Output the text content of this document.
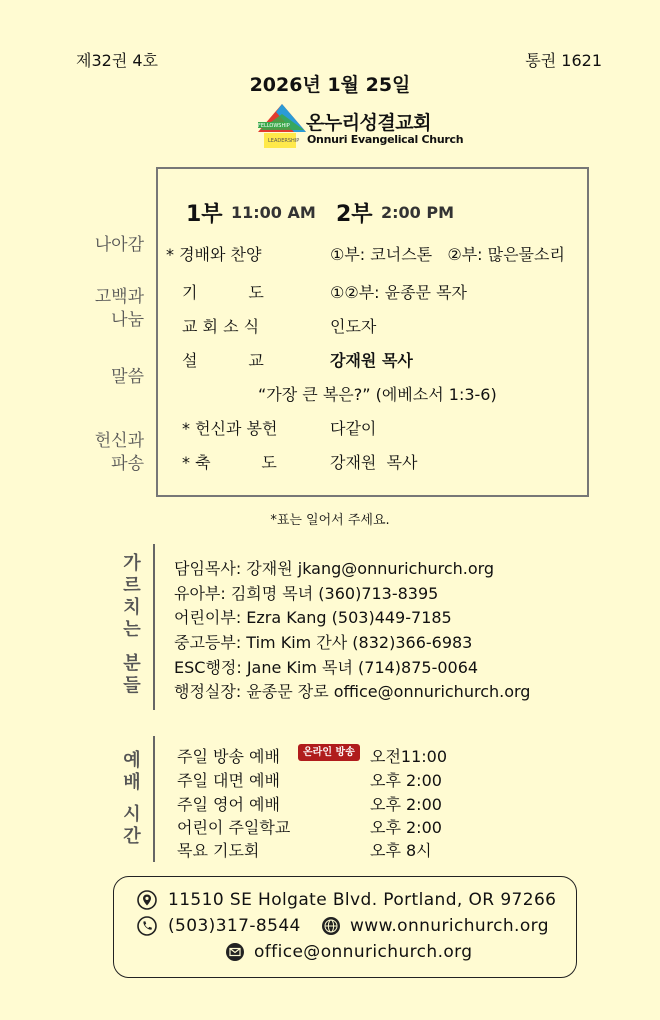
제32권 4호	통권 1621
2026년 1월 25일
FELLOWSHIP
LEADERSHIP
온누리성결교회
Onnuri Evangelical Church
1부 11:00 AM 2부 2:00 PM
나아감
고백과
나눔
말씀
헌신과
파송
* 경배와 찬양	①부: 코너스톤   ②부: 많은물소리
기          도	①②부: 윤종문 목자
교 회 소 식	인도자
설          교	강재원 목사
“가장 큰 복은?” (에베소서 1:3-6)
* 헌신과 봉헌	다같이
* 축          도	강재원  목사
*표는 일어서 주세요.
가
르
치
는
분
들
담임목사: 강재원 jkang@onnurichurch.org
유아부: 김희명 목녀 (360)713-8395
어린이부: Ezra Kang (503)449-7185
중고등부: Tim Kim 간사 (832)366-6983
ESC행정: Jane Kim 목녀 (714)875-0064
행정실장: 윤종문 장로 office@onnurichurch.org
예
배
시
간
주일 방송 예배	온라인 방송 오전11:00
주일 대면 예배	오후 2:00
주일 영어 예배	오후 2:00
어린이 주일학교	오후 2:00
목요 기도회	오후 8시
11510 SE Holgate Blvd. Portland, OR 97266
(503)317-8544	www.onnurichurch.org
office@onnurichurch.org
